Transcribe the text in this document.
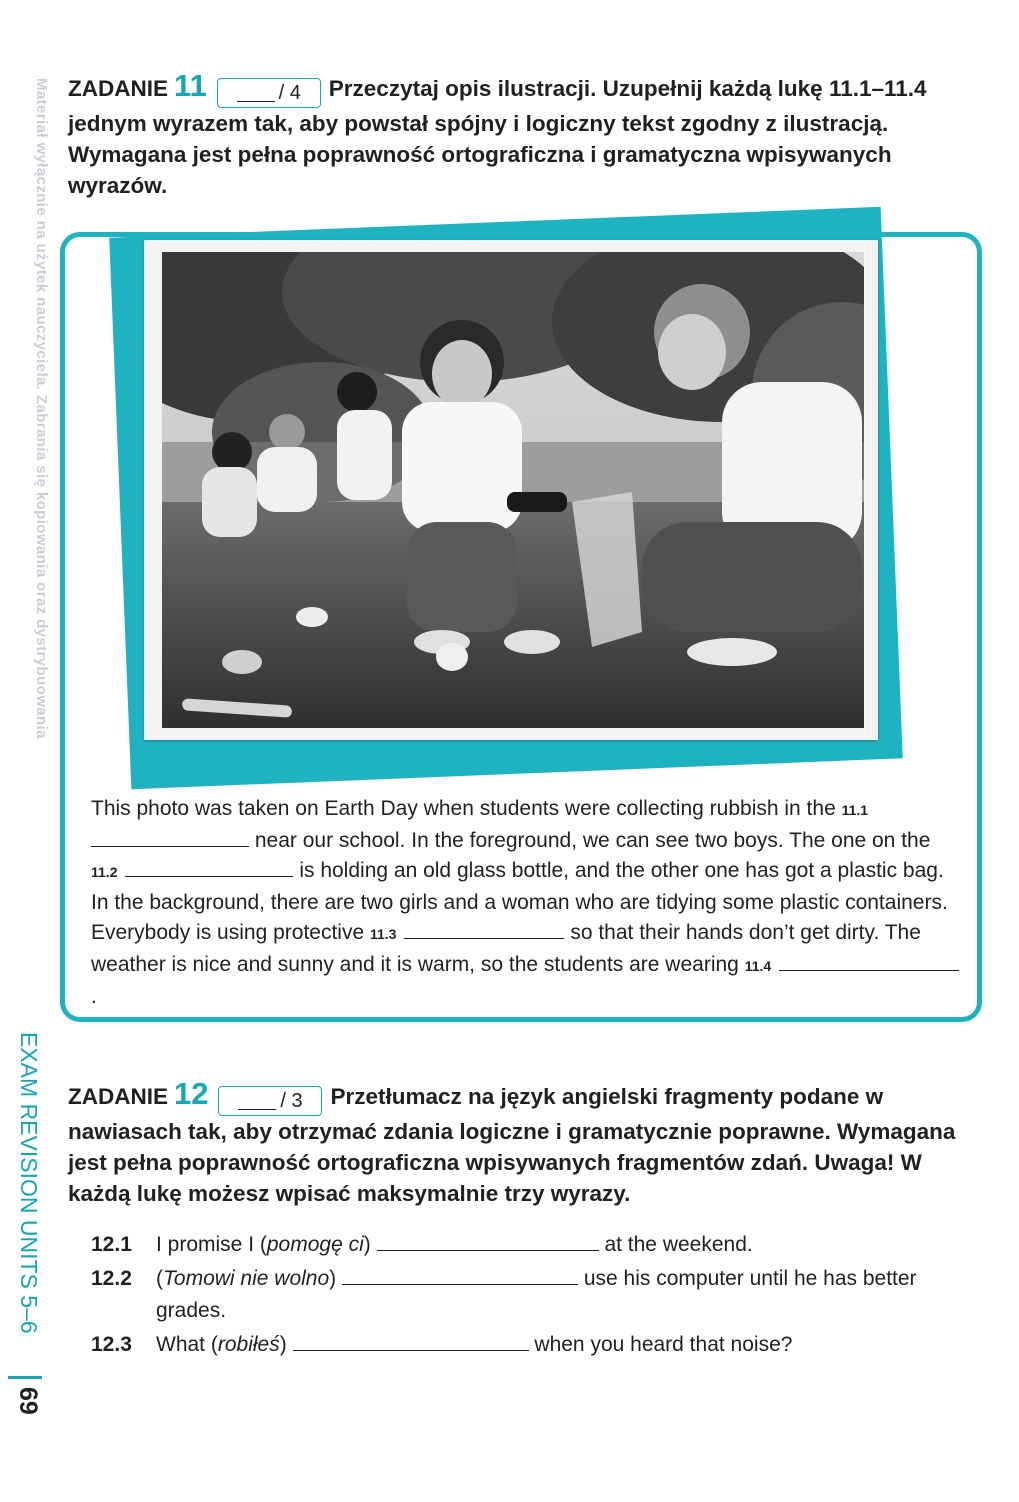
Materiał wyłącznie na użytek nauczyciela. Zabrania się kopiowania oraz dystrybuowania
EXAM REVISION UNITS 5–6
69
ZADANIE 11	/ 4 Przeczytaj opis ilustracji. Uzupełnij każdą lukę 11.1–11.4 jednym wyrazem tak, aby powstał spójny i logiczny tekst zgodny z ilustracją. Wymagana jest pełna poprawność ortograficzna i gramatyczna wpisywanych wyrazów.
This photo was taken on Earth Day when students were collecting rubbish in the 11.1 near our school. In the foreground, we can see two boys. The one on the 11.2	is holding an old glass bottle, and the other one has got a plastic bag. In the background, there are two girls and a woman who are tidying some plastic containers. Everybody is using protective 11.3	so that their hands don’t get dirty. The weather is nice and sunny and it is warm, so the students are wearing 11.4.
ZADANIE 12	/ 3 Przetłumacz na język angielski fragmenty podane w nawiasach tak, aby otrzymać zdania logiczne i gramatycznie poprawne. Wymagana jest pełna poprawność ortograficzna wpisywanych fragmentów zdań. Uwaga! W każdą lukę możesz wpisać maksymalnie trzy wyrazy.
12.1 I promise I (pomogę ci)	at the weekend.
12.2 (Tomowi nie wolno)	use his computer until he has better grades.
12.3 What (robiłeś)	when you heard that noise?
